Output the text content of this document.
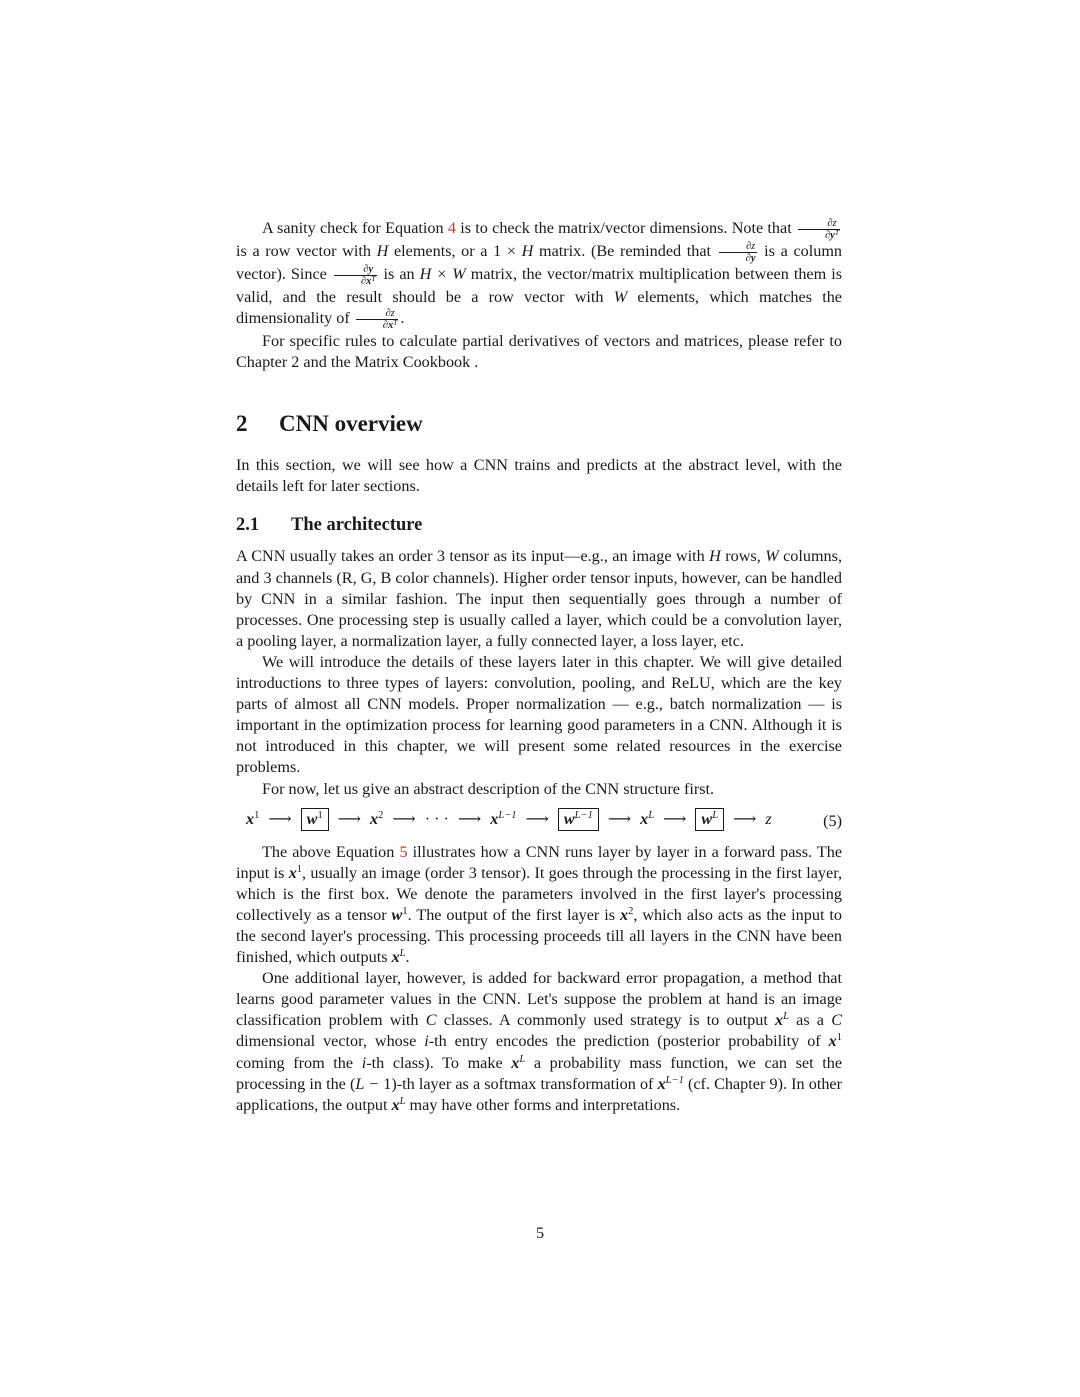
A sanity check for Equation 4 is to check the matrix/vector dimensions. Note that $\frac{\partial z}{\partial y^T}$
is a row vector with H elements, or a 1 × H matrix. (Be reminded that $\frac{\partial z}{\partial y}$ is a column vector). Since $\frac{\partial y}{\partial x^T}$ is an H × W matrix, the vector/matrix multiplication between them is valid, and the result should be a row vector with W elements, which matches the dimensionality of $\frac{\partial z}{\partial x^T}$ .

For specific rules to calculate partial derivatives of vectors and matrices, please refer to Chapter 2 and the Matrix Cookbook .

2 CNN overview

In this section, we will see how a CNN trains and predicts at the abstract level, with the details left for later sections.

2.1 The architecture

A CNN usually takes an order 3 tensor as its input—e.g., an image with H rows, W columns, and 3 channels (R, G, B color channels). Higher order tensor inputs, however, can be handled by CNN in a similar fashion. The input then sequentially goes through a number of processes. One processing step is usually called a layer, which could be a convolution layer, a pooling layer, a normalization layer, a fully connected layer, a loss layer, etc.

We will introduce the details of these layers later in this chapter. We will give detailed introductions to three types of layers: convolution, pooling, and ReLU, which are the key parts of almost all CNN models. Proper normalization — e.g., batch normalization — is important in the optimization process for learning good parameters in a CNN. Although it is not introduced in this chapter, we will present some related resources in the exercise problems.

For now, let us give an abstract description of the CNN structure first.

$x^1$ ⟶ $w^1$ ⟶ $x^2$ ⟶ · · · ⟶ $x^{L-1}$ ⟶ $w^{L-1}$ ⟶ $x^L$ ⟶ $w^L$ ⟶ z	(5)

The above Equation 5 illustrates how a CNN runs layer by layer in a forward pass. The input is $x^1$, usually an image (order 3 tensor). It goes through the processing in the first layer, which is the first box. We denote the parameters involved in the first layer's processing collectively as a tensor $w^1$. The output of the first layer is $x^2$, which also acts as the input to the second layer's processing. This processing proceeds till all layers in the CNN have been finished, which outputs $x^L$.

One additional layer, however, is added for backward error propagation, a method that learns good parameter values in the CNN. Let's suppose the problem at hand is an image classification problem with C classes. A commonly used strategy is to output $x^L$ as a C dimensional vector, whose i-th entry encodes the prediction (posterior probability of $x^1$ coming from the i-th class). To make $x^L$ a probability mass function, we can set the processing in the (L − 1)-th layer as a softmax transformation of $x^{L-1}$ (cf. Chapter 9). In other applications, the output $x^L$ may have other forms and interpretations.

5
